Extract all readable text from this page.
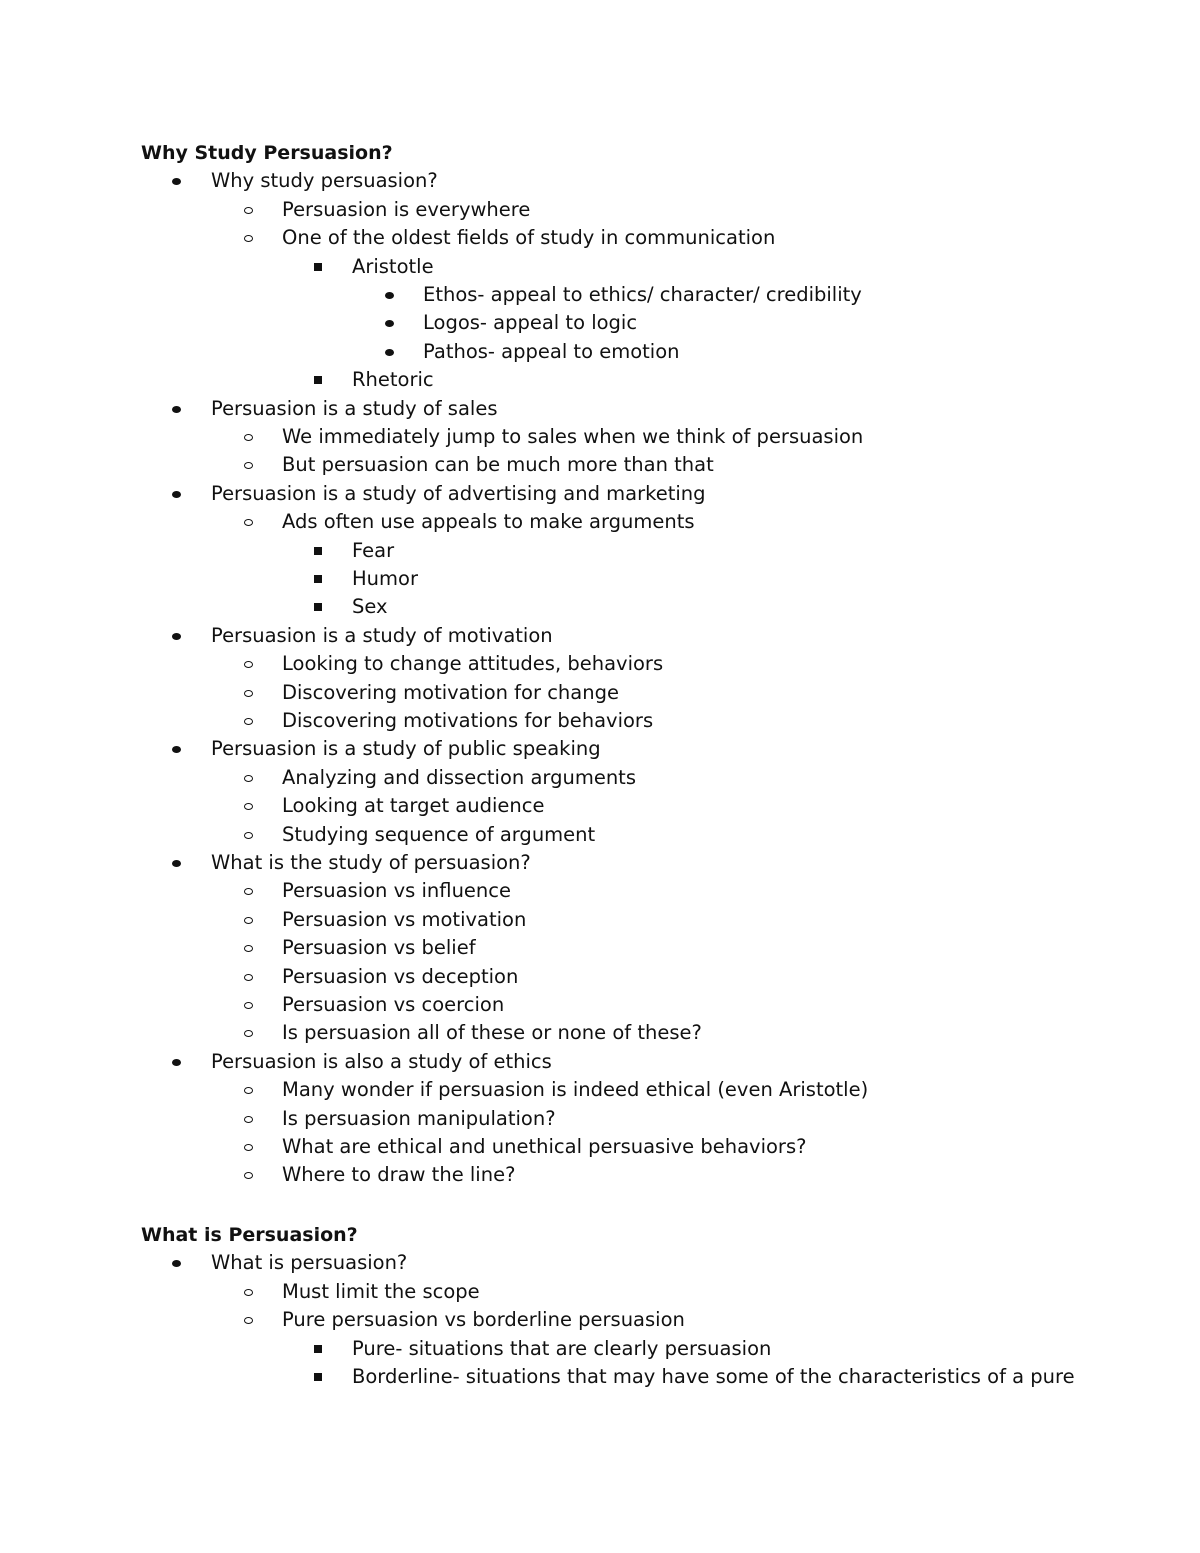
Why Study Persuasion?
Why study persuasion?
Persuasion is everywhere
One of the oldest fields of study in communication
Aristotle
Ethos- appeal to ethics/ character/ credibility
Logos- appeal to logic
Pathos- appeal to emotion
Rhetoric
Persuasion is a study of sales
We immediately jump to sales when we think of persuasion
But persuasion can be much more than that
Persuasion is a study of advertising and marketing
Ads often use appeals to make arguments
Fear
Humor
Sex
Persuasion is a study of motivation
Looking to change attitudes, behaviors
Discovering motivation for change
Discovering motivations for behaviors
Persuasion is a study of public speaking
Analyzing and dissection arguments
Looking at target audience
Studying sequence of argument
What is the study of persuasion?
Persuasion vs influence
Persuasion vs motivation
Persuasion vs belief
Persuasion vs deception
Persuasion vs coercion
Is persuasion all of these or none of these?
Persuasion is also a study of ethics
Many wonder if persuasion is indeed ethical (even Aristotle)
Is persuasion manipulation?
What are ethical and unethical persuasive behaviors?
Where to draw the line?
What is Persuasion?
What is persuasion?
Must limit the scope
Pure persuasion vs borderline persuasion
Pure- situations that are clearly persuasion
Borderline- situations that may have some of the characteristics of a pure
